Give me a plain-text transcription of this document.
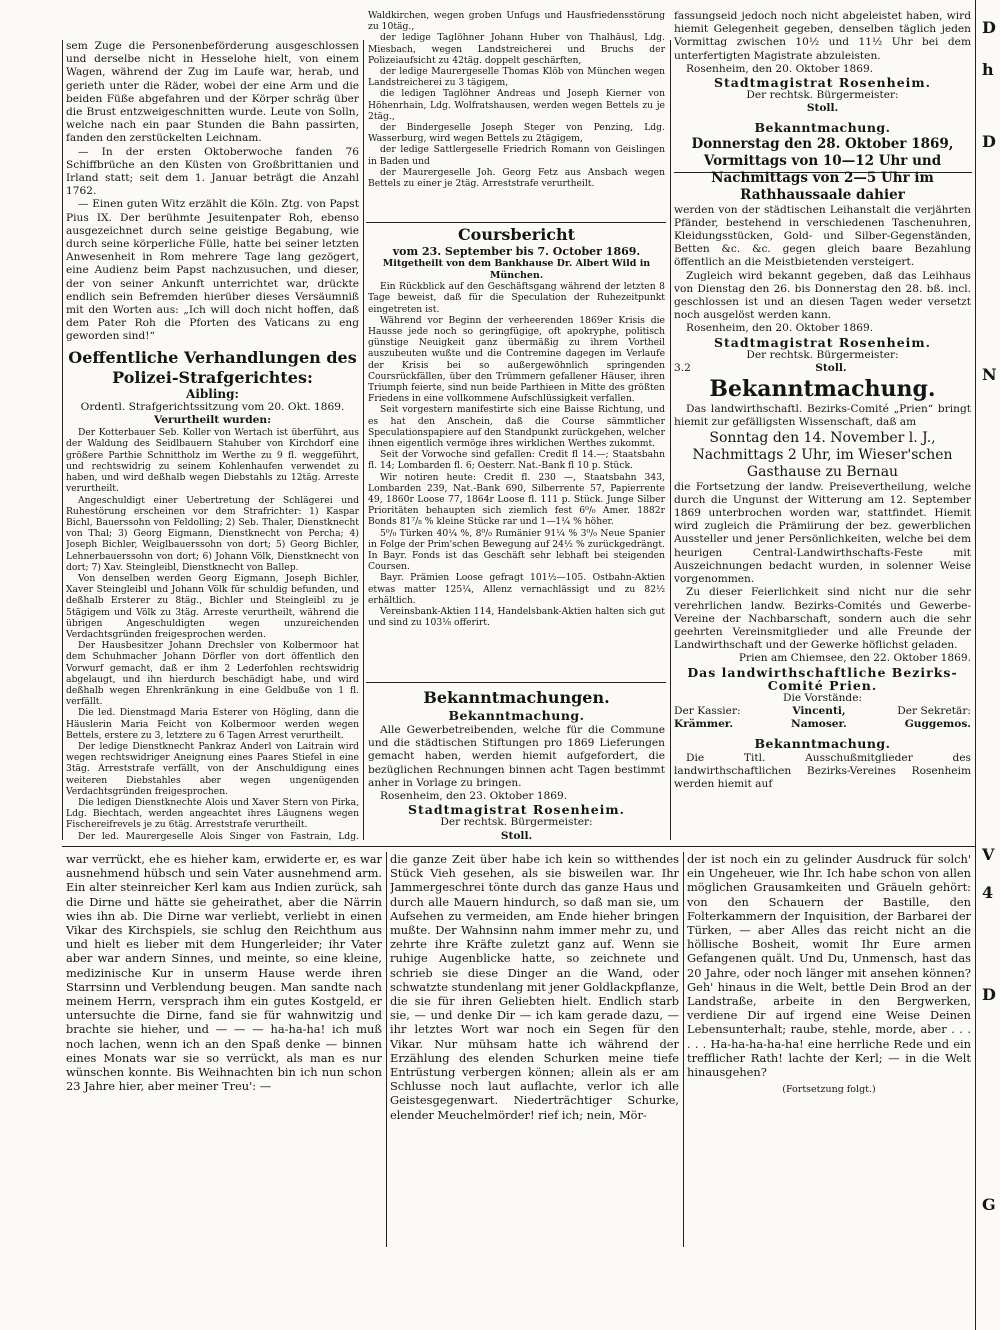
sem Zuge die Personenbeförderung ausgeschlossen und derselbe nicht in Hesselohe hielt, von einem Wagen, während der Zug im Laufe war, herab, und gerieth unter die Räder, wobei der eine Arm und die beiden Füße abgefahren und der Körper schräg über die Brust entzweigeschnitten wurde. Leute von Solln, welche nach ein paar Stunden die Bahn passirten, fanden den zerstückelten Leichnam.

— In der ersten Oktoberwoche fanden 76 Schiffbrüche an den Küsten von Großbrittanien und Irland statt; seit dem 1. Januar beträgt die Anzahl 1762.

— Einen guten Witz erzählt die Köln. Ztg. von Papst Pius IX. Der berühmte Jesuitenpater Roh, ebenso ausgezeichnet durch seine geistige Begabung, wie durch seine körperliche Fülle, hatte bei seiner letzten Anwesenheit in Rom mehrere Tage lang gezögert, eine Audienz beim Papst nachzusuchen, und dieser, der von seiner Ankunft unterrichtet war, drückte endlich sein Befremden hierüber dieses Versäumniß mit den Worten aus: „Ich will doch nicht hoffen, daß dem Pater Roh die Pforten des Vaticans zu eng geworden sind!“

Oeffentliche Verhandlungen des Polizei-Strafgerichtes:
Aibling:
Ordentl. Strafgerichtssitzung vom 20. Okt. 1869.
Verurtheilt wurden:

Der Kotterbauer Seb. Koller von Wertach ist überführt, aus der Waldung des Seidlbauern Stahuber von Kirchdorf eine größere Parthie Schnittholz im Werthe zu 9 fl. weggeführt, und rechtswidrig zu seinem Kohlenhaufen verwendet zu haben, und wird deßhalb wegen Diebstahls zu 12täg. Arreste verurtheilt.

Angeschuldigt einer Uebertretung der Schlägerei und Ruhestörung erscheinen vor dem Strafrichter: 1) Kaspar Bichl, Bauerssohn von Feldolling; 2) Seb. Thaler, Dienstknecht von Thal; 3) Georg Eigmann, Dienstknecht von Percha; 4) Joseph Bichler, Weiglbauerssohn von dort; 5) Georg Bichler, Lehnerbauerssohn von dort; 6) Johann Völk, Dienstknecht von dort; 7) Xav. Steingleibl, Dienstknecht von Ballep.

Von denselben werden Georg Eigmann, Joseph Bichler, Xaver Steingleibl und Johann Völk für schuldig befunden, und deßhalb Ersterer zu 8täg., Bichler und Steingleibl zu je 5tägigem und Völk zu 3täg. Arreste verurtheilt, während die übrigen Angeschuldigten wegen unzureichenden Verdachtsgründen freigesprochen werden.

Der Hausbesitzer Johann Drechsler von Kolbermoor hat dem Schuhmacher Johann Dörfler von dort öffentlich den Vorwurf gemacht, daß er ihm 2 Lederfohlen rechtswidrig abgelaugt, und ihn hierdurch beschädigt habe, und wird deßhalb wegen Ehrenkränkung in eine Geldbuße von 1 fl. verfällt.

Die led. Dienstmagd Maria Esterer von Högling, dann die Häuslerin Maria Feicht von Kolbermoor werden wegen Bettels, erstere zu 3, letztere zu 6 Tagen Arrest verurtheilt.

Der ledige Dienstknecht Pankraz Anderl von Laitrain wird wegen rechtswidriger Aneignung eines Paares Stiefel in eine 3täg. Arreststrafe verfällt, von der Anschuldigung eines weiteren Diebstahles aber wegen ungenügenden Verdachtsgründen freigesprochen.

Die ledigen Dienstknechte Alois und Xaver Stern von Pirka, Ldg. Biechtach, werden angeachtet ihres Läugnens wegen Fischereifrevels je zu 6täg. Arreststrafe verurtheilt.

Der led. Maurergeselle Alois Singer von Fastrain, Ldg.

Waldkirchen, wegen groben Unfugs und Hausfriedensstörung zu 10täg.,

der ledige Taglöhner Johann Huber von Thalhäusl, Ldg. Miesbach, wegen Landstreicherei und Bruchs der Polizeiaufsicht zu 42täg. doppelt geschärften,

der ledige Maurergeselle Thomas Klöb von München wegen Landstreicherei zu 3 tägigem,

die ledigen Taglöhner Andreas und Joseph Kierner von Höhenrhain, Ldg. Wolfratshausen, werden wegen Bettels zu je 2täg.,

der Bindergeselle Joseph Steger von Penzing, Ldg. Wasserburg, wird wegen Bettels zu 2tägigem,

der ledige Sattlergeselle Friedrich Romann von Geislingen in Baden und

der Maurergeselle Joh. Georg Fetz aus Ansbach wegen Bettels zu einer je 2täg. Arreststrafe verurtheilt.

Coursbericht
vom 23. September bis 7. October 1869.
Mitgetheilt von dem Bankhause Dr. Albert Wild in München.

Ein Rückblick auf den Geschäftsgang während der letzten 8 Tage beweist, daß für die Speculation der Ruhezeitpunkt eingetreten ist.

Während vor Beginn der verheerenden 1869er Krisis die Hausse jede noch so geringfügige, oft apokryphe, politisch günstige Neuigkeit ganz übermäßig zu ihrem Vortheil auszubeuten wußte und die Contremine dagegen im Verlaufe der Krisis bei so außergewöhnlich springenden Coursrückfällen, über den Trümmern gefallener Häuser, ihren Triumph feierte, sind nun beide Parthieen in Mitte des größten Friedens in eine vollkommene Aufschlüssigkeit verfallen.

Seit vorgestern manifestirte sich eine Baisse Richtung, und es hat den Anschein, daß die Course sämmtlicher Speculationspapiere auf den Standpunkt zurückgehen, welcher ihnen eigentlich vermöge ihres wirklichen Werthes zukommt.

Seit der Vorwoche sind gefallen: Credit fl 14.—; Staatsbahn fl. 14; Lombarden fl. 6; Oesterr. Nat.-Bank fl 10 p. Stück.

Wir notiren heute: Credit fl. 230 —, Staatsbahn 343, Lombarden 239, Nat.-Bank 690, Silberrente 57, Papierrente 49, 1860r Loose 77, 1864r Loose fl. 111 p. Stück. Junge Silber Prioritäten behaupten sich ziemlich fest 6⁰/₀ Amer. 1882r Bonds 81⁷/₈ % kleine Stücke rar und 1—1¼ % höher.

5⁰/₀ Türken 40¼ %, 8⁰/₀ Rumänier 91¼ % 3⁰/₀ Neue Spanier in Folge der Prim'schen Bewegung auf 24½ % zurückgedrängt. In Bayr. Fonds ist das Geschäft sehr lebhaft bei steigenden Coursen.

Bayr. Prämien Loose gefragt 101½—105. Ostbahn-Aktien etwas matter 125¼, Allenz vernachlässigt und zu 82½ erhältlich.

Vereinsbank-Aktien 114, Handelsbank-Aktien halten sich gut und sind zu 103⅛ offerirt.

Bekanntmachungen.
Bekanntmachung.

Alle Gewerbetreibenden, welche für die Commune und die städtischen Stiftungen pro 1869 Lieferungen gemacht haben, werden hiemit aufgefordert, die bezüglichen Rechnungen binnen acht Tagen bestimmt anher in Vorlage zu bringen.

Rosenheim, den 23. Oktober 1869.

Stadtmagistrat Rosenheim.
Der rechtsk. Bürgermeister:
Stoll.

fassungseid jedoch noch nicht abgeleistet haben, wird hiemit Gelegenheit gegeben, denselben täglich jeden Vormittag zwischen 10½ und 11½ Uhr bei dem unterfertigten Magistrate abzuleisten.

Rosenheim, den 20. Oktober 1869.

Stadtmagistrat Rosenheim.
Der rechtsk. Bürgermeister:
Stoll.
Bekanntmachung.
Donnerstag den 28. Oktober 1869, Vormittags von 10—12 Uhr und Nachmittags von 2—5 Uhr im Rathhaussaale dahier

werden von der städtischen Leihanstalt die verjährten Pfänder, bestehend in verschiedenen Taschenuhren, Kleidungsstücken, Gold- und Silber-Gegenständen, Betten &c. &c. gegen gleich baare Bezahlung öffentlich an die Meistbietenden versteigert.

Zugleich wird bekannt gegeben, daß das Leihhaus von Dienstag den 26. bis Donnerstag den 28. bß. incl. geschlossen ist und an diesen Tagen weder versetzt noch ausgelöst werden kann.

Rosenheim, den 20. Oktober 1869.

Stadtmagistrat Rosenheim.
Der rechtsk. Bürgermeister:
3.2	Stoll.
Bekanntmachung.

Das landwirthschaftl. Bezirks-Comité „Prien“ bringt hiemit zur gefälligsten Wissenschaft, daß am

Sonntag den 14. November l. J., Nachmittags 2 Uhr, im Wieser'schen Gasthause zu Bernau

die Fortsetzung der landw. Preisevertheilung, welche durch die Ungunst der Witterung am 12. September 1869 unterbrochen worden war, stattfindet. Hiemit wird zugleich die Prämiirung der bez. gewerblichen Aussteller und jener Persönlichkeiten, welche bei dem heurigen Central-Landwirthschafts-Feste mit Auszeichnungen bedacht wurden, in solenner Weise vorgenommen.

Zu dieser Feierlichkeit sind nicht nur die sehr verehrlichen landw. Bezirks-Comités und Gewerbe-Vereine der Nachbarschaft, sondern auch die sehr geehrten Vereinsmitglieder und alle Freunde der Landwirthschaft und der Gewerke höflichst geladen.

Prien am Chiemsee, den 22. Oktober 1869.

Das landwirthschaftliche Bezirks-Comité Prien.
Die Vorstände:
Der Kassier:	Vincenti,	Der Sekretär:
Krämmer.	Namoser.	Guggemos.
Bekanntmachung.

Die Titl. Ausschußmitglieder des landwirthschaftlichen Bezirks-Vereines Rosenheim werden hiemit auf

war verrückt, ehe es hieher kam, erwiderte er, es war ausnehmend hübsch und sein Vater ausnehmend arm. Ein alter steinreicher Kerl kam aus Indien zurück, sah die Dirne und hätte sie geheirathet, aber die Närrin wies ihn ab. Die Dirne war verliebt, verliebt in einen Vikar des Kirchspiels, sie schlug den Reichthum aus und hielt es lieber mit dem Hungerleider; ihr Vater aber war andern Sinnes, und meinte, so eine kleine, medizinische Kur in unserm Hause werde ihren Starrsinn und Verblendung beugen. Man sandte nach meinem Herrn, versprach ihm ein gutes Kostgeld, er untersuchte die Dirne, fand sie für wahnwitzig und brachte sie hieher, und — — — ha-ha-ha! ich muß noch lachen, wenn ich an den Spaß denke — binnen eines Monats war sie so verrückt, als man es nur wünschen konnte. Bis Weihnachten bin ich nun schon 23 Jahre hier, aber meiner Treu': —

die ganze Zeit über habe ich kein so witthendes Stück Vieh gesehen, als sie bisweilen war. Ihr Jammergeschrei tönte durch das ganze Haus und durch alle Mauern hindurch, so daß man sie, um Aufsehen zu vermeiden, am Ende hieher bringen mußte. Der Wahnsinn nahm immer mehr zu, und zehrte ihre Kräfte zuletzt ganz auf. Wenn sie ruhige Augenblicke hatte, so zeichnete und schrieb sie diese Dinger an die Wand, oder schwatzte stundenlang mit jener Goldlackpflanze, die sie für ihren Geliebten hielt. Endlich starb sie, — und denke Dir — ich kam gerade dazu, — ihr letztes Wort war noch ein Segen für den Vikar. Nur mühsam hatte ich während der Erzählung des elenden Schurken meine tiefe Entrüstung verbergen können; allein als er am Schlusse noch laut auflachte, verlor ich alle Geistesgegenwart. Niederträchtiger Schurke, elender Meuchelmörder! rief ich; nein, Mör-

der ist noch ein zu gelinder Ausdruck für solch' ein Ungeheuer, wie Ihr. Ich habe schon von allen möglichen Grausamkeiten und Gräueln gehört: von den Schauern der Bastille, den Folterkammern der Inquisition, der Barbarei der Türken, — aber Alles das reicht nicht an die höllische Bosheit, womit Ihr Eure armen Gefangenen quält. Und Du, Unmensch, hast das 20 Jahre, oder noch länger mit ansehen können? Geh' hinaus in die Welt, bettle Dein Brod an der Landstraße, arbeite in den Bergwerken, verdiene Dir auf irgend eine Weise Deinen Lebensunterhalt; raube, stehle, morde, aber . . . . . . Ha-ha-ha-ha-ha! eine herrliche Rede und ein trefflicher Rath! lachte der Kerl; — in die Welt hinausgehen?

(Fortsetzung folgt.)
D
h
D
N
V
4
D
G
